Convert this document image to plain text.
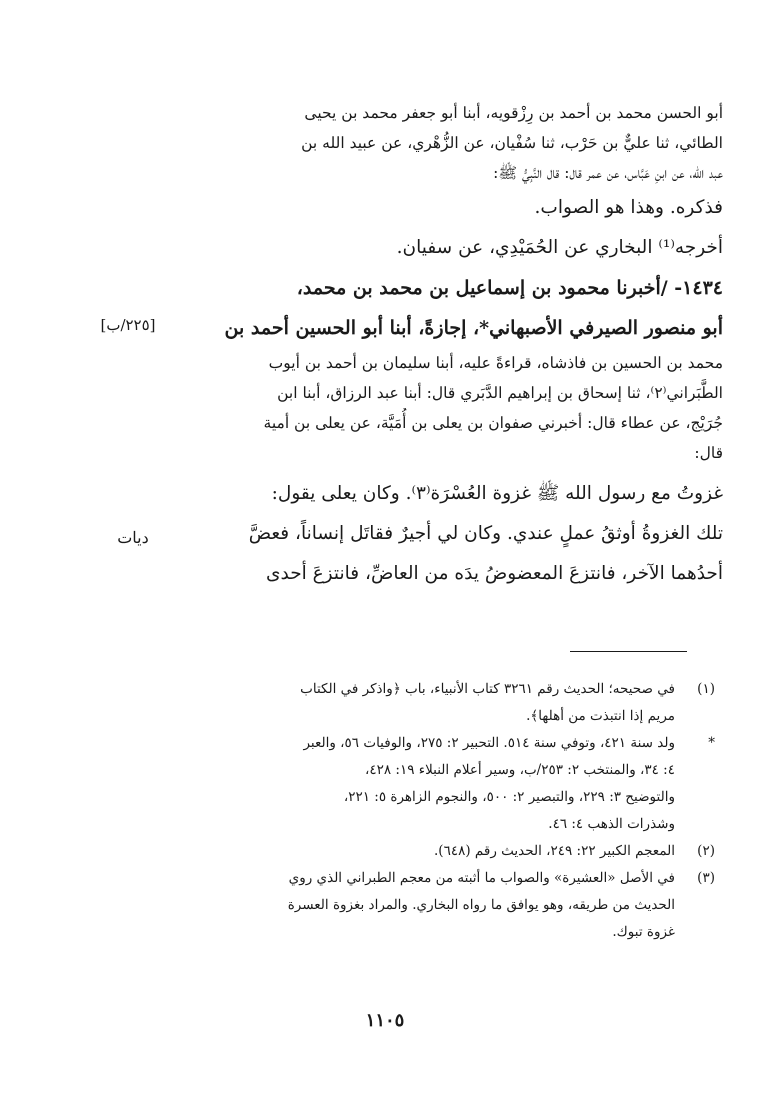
[٢٢٥/ب]
ديات

أبو الحسن محمد بن أحمد بن رِزْقويه، أبنا أبو جعفر محمد بن يحيى

الطائي، ثنا عليٌّ بن حَرْب، ثنا سُفْيان، عن الزُّهْري، عن عبيد الله بن

عبد الله، عن ابنِ عَبَّاس، عن عمر قال: قال النَّبِيُّ ﷺ:

فذكره. وهذا هو الصواب.

أخرجه⁽¹⁾ البخاري عن الحُمَيْدِي، عن سفيان.

١٤٣٤- /أخبرنا محمود بن إسماعيل بن محمد بن محمد،

أبو منصور الصيرفي الأصبهاني*، إجازةً، أبنا أبو الحسين أحمد بن

محمد بن الحسين بن فاذشاه، قراءةً عليه، أبنا سليمان بن أحمد بن أيوب

الطَّبَراني⁽٢⁾، ثنا إسحاق بن إبراهيم الدَّبَري قال: أبنا عبد الرزاق، أبنا ابن

جُرَيْج، عن عطاء قال: أخبرني صفوان بن يعلى بن أُمَيَّة، عن يعلى بن أمية

قال:

غزوتُ مع رسول الله ﷺ غزوة العُسْرَة⁽٣⁾. وكان يعلى يقول:

تلك الغزوةُ أوثقُ عملٍ عندي. وكان لي أجيرٌ فقاتَل إنساناً، فعضَّ

أحدُهما الآخر، فانتزعَ المعضوضُ يدَه من العاضِّ، فانتزعَ أحدى

(١)
في صحيحه؛ الحديث رقم ٣٢٦١ كتاب الأنبياء، باب ﴿واذكر في الكتاب
مريم إذا انتبذت من أهلها﴾.
*
ولد سنة ٤٢١، وتوفي سنة ٥١٤. التحبير ٢: ٢٧٥، والوفيات ٥٦، والعبر
٤: ٣٤، والمنتخب ٢: ٢٥٣/ب، وسير أعلام النبلاء ١٩: ٤٢٨،
والتوضيح ٣: ٢٢٩، والتبصير ٢: ٥٠٠، والنجوم الزاهرة ٥: ٢٢١،
وشذرات الذهب ٤: ٤٦.
(٢)
المعجم الكبير ٢٢: ٢٤٩، الحديث رقم (٦٤٨).
(٣)
في الأصل «العشيرة» والصواب ما أثبته من معجم الطبراني الذي روي
الحديث من طريقه، وهو يوافق ما رواه البخاري. والمراد بغزوة العسرة
غزوة تبوك.
١١٠٥
